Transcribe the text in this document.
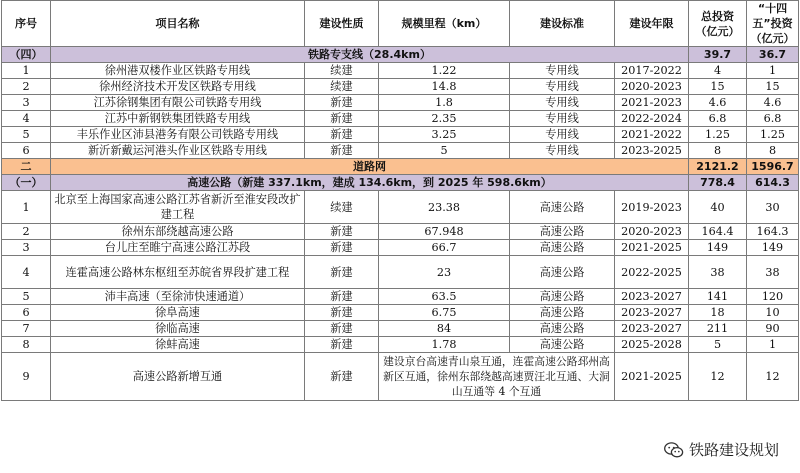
序号	项目名称	建设性质	规模里程（km）	建设标准	建设年限	总投资（亿元）	“十四五”投资（亿元）
（四）	铁路专支线（28.4km）					39.7	36.7
1	徐州港双楼作业区铁路专用线	续建	1.22	专用线	2017-2022	4	1
2	徐州经济技术开发区铁路专用线	续建	14.8	专用线	2020-2023	15	15
3	江苏徐钢集团有限公司铁路专用线	新建	1.8	专用线	2021-2023	4.6	4.6
4	江苏中新钢铁集团铁路专用线	新建	2.35	专用线	2022-2024	6.8	6.8
5	丰乐作业区沛县港务有限公司铁路专用线	新建	3.25	专用线	2021-2022	1.25	1.25
6	新沂新戴运河港头作业区铁路专用线	新建	5	专用线	2023-2025	8	8
二	道路网					2121.2	1596.7
（一）	高速公路（新建 337.1km，建成 134.6km，到 2025 年 598.6km）					778.4	614.3
1	北京至上海国家高速公路江苏省新沂至淮安段改扩建工程	续建	23.38	高速公路	2019-2023	40	30
2	徐州东部绕越高速公路	新建	67.948	高速公路	2020-2023	164.4	164.3
3	台儿庄至睢宁高速公路江苏段	新建	66.7	高速公路	2021-2025	149	149
4	连霍高速公路林东枢纽至苏皖省界段扩建工程	新建	23	高速公路	2022-2025	38	38
5	沛丰高速（至徐沛快速通道）	新建	63.5	高速公路	2023-2027	141	120
6	徐阜高速	新建	6.75	高速公路	2023-2027	18	10
7	徐临高速	新建	84	高速公路	2023-2027	211	90
8	徐蚌高速	新建	1.78	高速公路	2025-2028	5	1
9	高速公路新增互通	新建	建设京台高速青山泉互通，连霍高速公路邳州高新区互通，徐州东部绕越高速贾汪北互通、大洞山互通等 4 个互通		2021-2025	12	12
铁路建设规划
